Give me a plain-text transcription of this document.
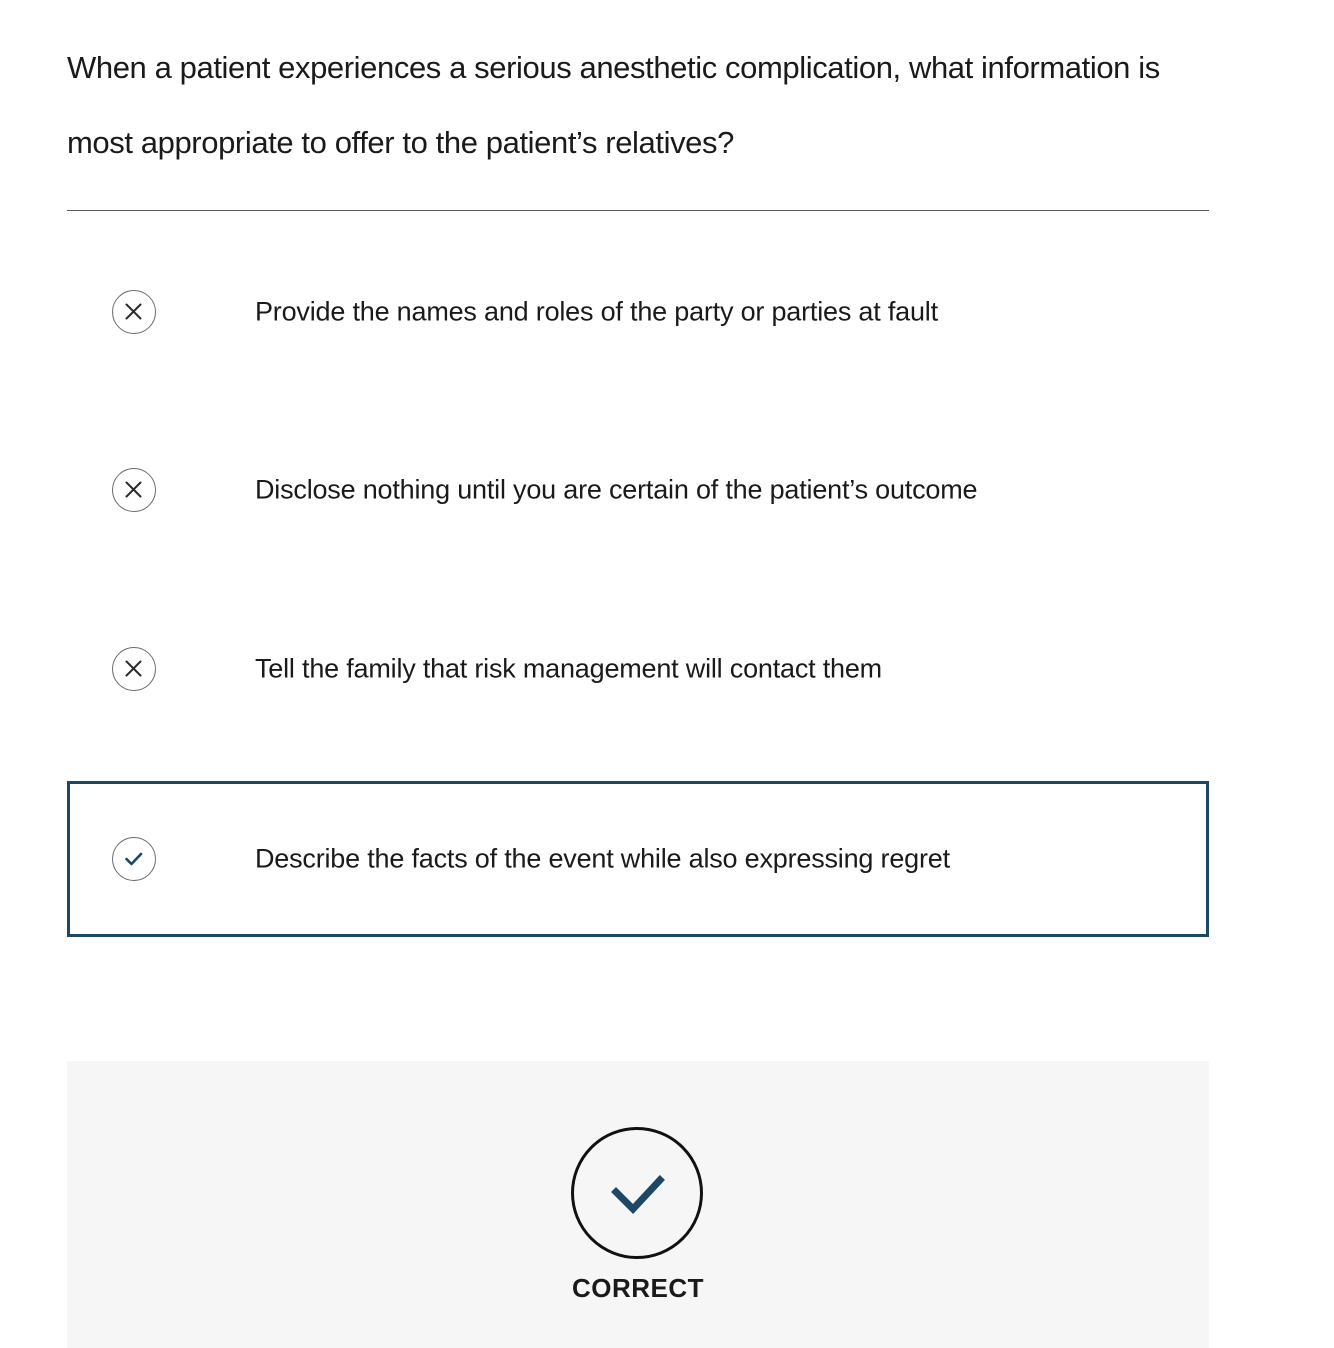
When a patient experiences a serious anesthetic complication, what information is most appropriate to offer to the patient’s relatives?
Provide the names and roles of the party or parties at fault
Disclose nothing until you are certain of the patient’s outcome
Tell the family that risk management will contact them
Describe the facts of the event while also expressing regret
CORRECT
